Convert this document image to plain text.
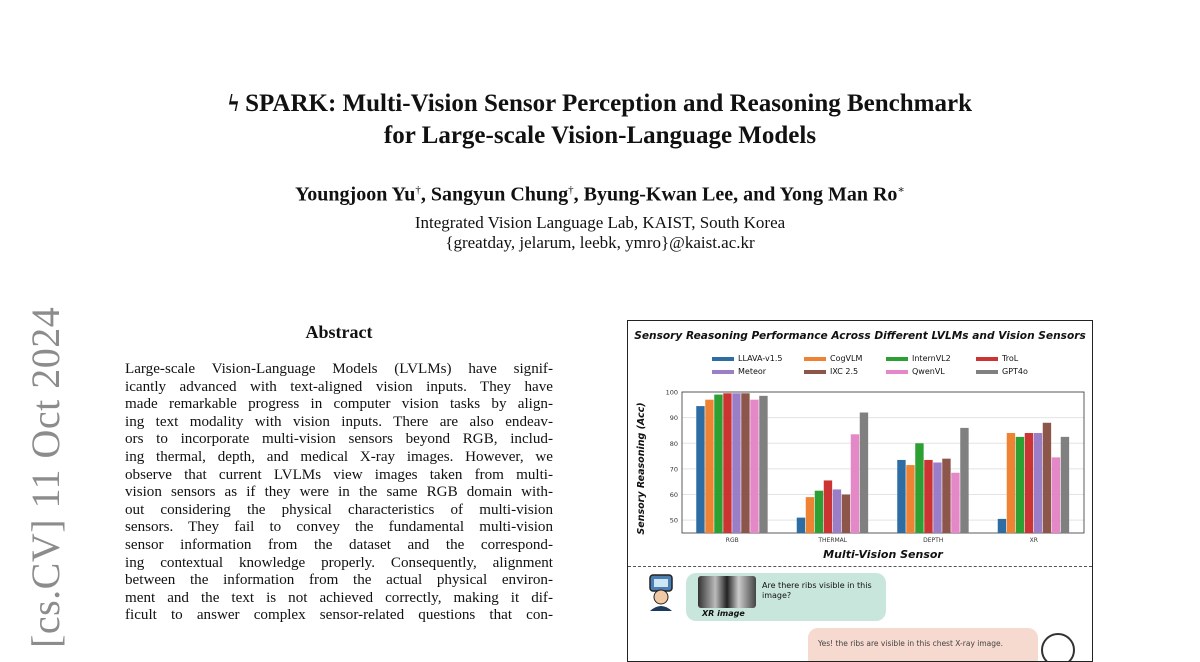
ϟ SPARK: Multi-Vision Sensor Perception and Reasoning Benchmark
for Large-scale Vision-Language Models
Youngjoon Yu†, Sangyun Chung†, Byung-Kwan Lee, and Yong Man Ro∗
Integrated Vision Language Lab, KAIST, South Korea
{greatday, jelarum, leebk, ymro}@kaist.ac.kr
[cs.CV] 11 Oct 2024	Abstract
Large-scale Vision-Language Models (LVLMs) have signif-
icantly advanced with text-aligned vision inputs. They have
made remarkable progress in computer vision tasks by align-
ing text modality with vision inputs. There are also endeav-
ors to incorporate multi-vision sensors beyond RGB, includ-
ing thermal, depth, and medical X-ray images. However, we
observe that current LVLMs view images taken from multi-
vision sensors as if they were in the same RGB domain with-
out considering the physical characteristics of multi-vision
sensors. They fail to convey the fundamental multi-vision
sensor information from the dataset and the correspond-
ing contextual knowledge properly. Consequently, alignment
between the information from the actual physical environ-
ment and the text is not achieved correctly, making it dif-
ficult to answer complex sensor-related questions that con-
Sensory Reasoning Performance Across Different LVLMs and Vision Sensors
LLAVA-v1.5	CogVLM	InternVL2	TroL
Meteor	IXC 2.5	QwenVL	GPT4o
50
60
70
80
90
100
RGB	THERMAL	DEPTH	XR
Multi-Vision Sensor
Sensory Reasoning (Acc)
XR image
Are there ribs visible in this image?
Yes! the ribs are visible in this chest X-ray image.
